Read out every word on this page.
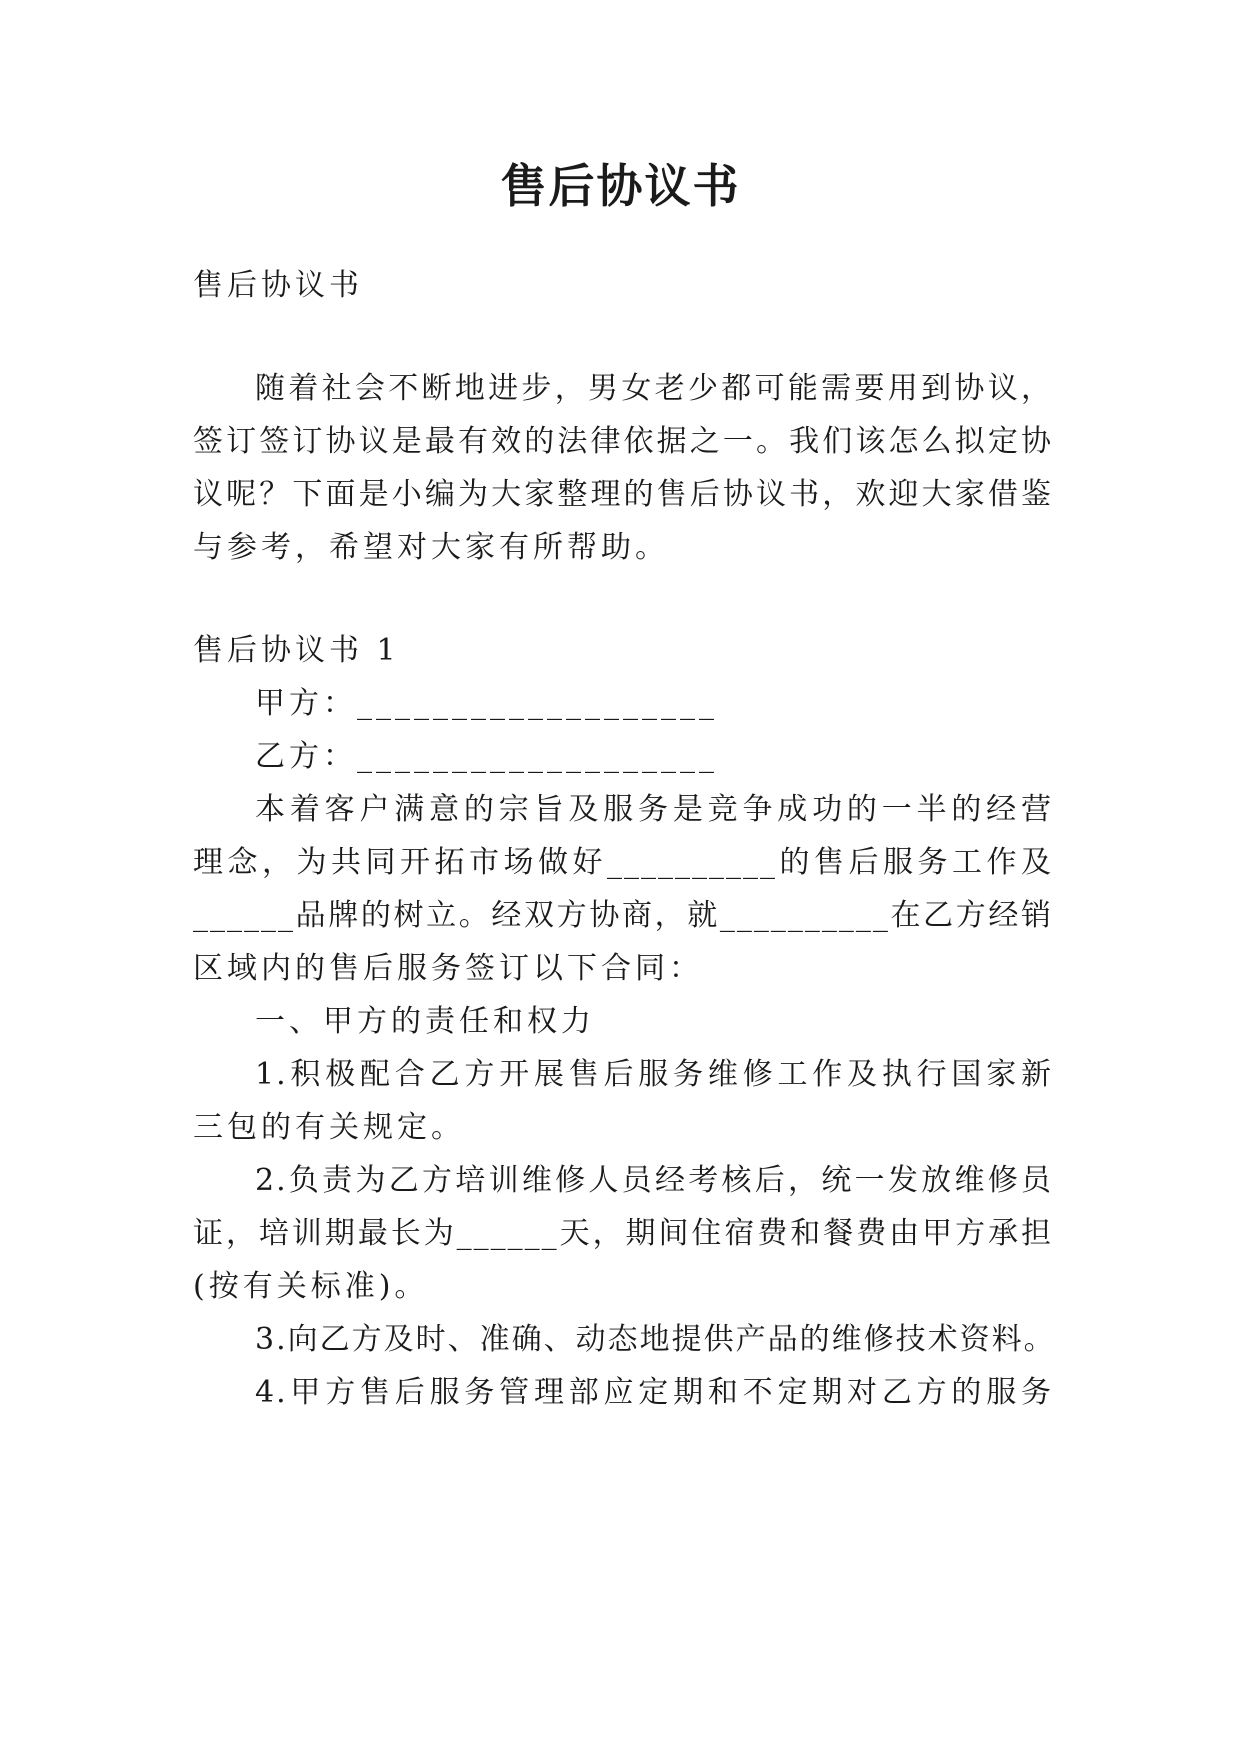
售后协议书

售后协议书

随着社会不断地进步，男女老少都可能需要用到协议，

签订签订协议是最有效的法律依据之一。我们该怎么拟定协

议呢？下面是小编为大家整理的售后协议书，欢迎大家借鉴

与参考，希望对大家有所帮助。

售后协议书 1

甲方：___________________

乙方：___________________

本着客户满意的宗旨及服务是竞争成功的一半的经营

理念，为共同开拓市场做好__________的售后服务工作及

______品牌的树立。经双方协商，就__________在乙方经销

区域内的售后服务签订以下合同：

一、甲方的责任和权力

1.积极配合乙方开展售后服务维修工作及执行国家新

三包的有关规定。

2.负责为乙方培训维修人员经考核后，统一发放维修员

证，培训期最长为______天，期间住宿费和餐费由甲方承担

(按有关标准)。

3.向乙方及时、准确、动态地提供产品的维修技术资料。

4.甲方售后服务管理部应定期和不定期对乙方的服务
